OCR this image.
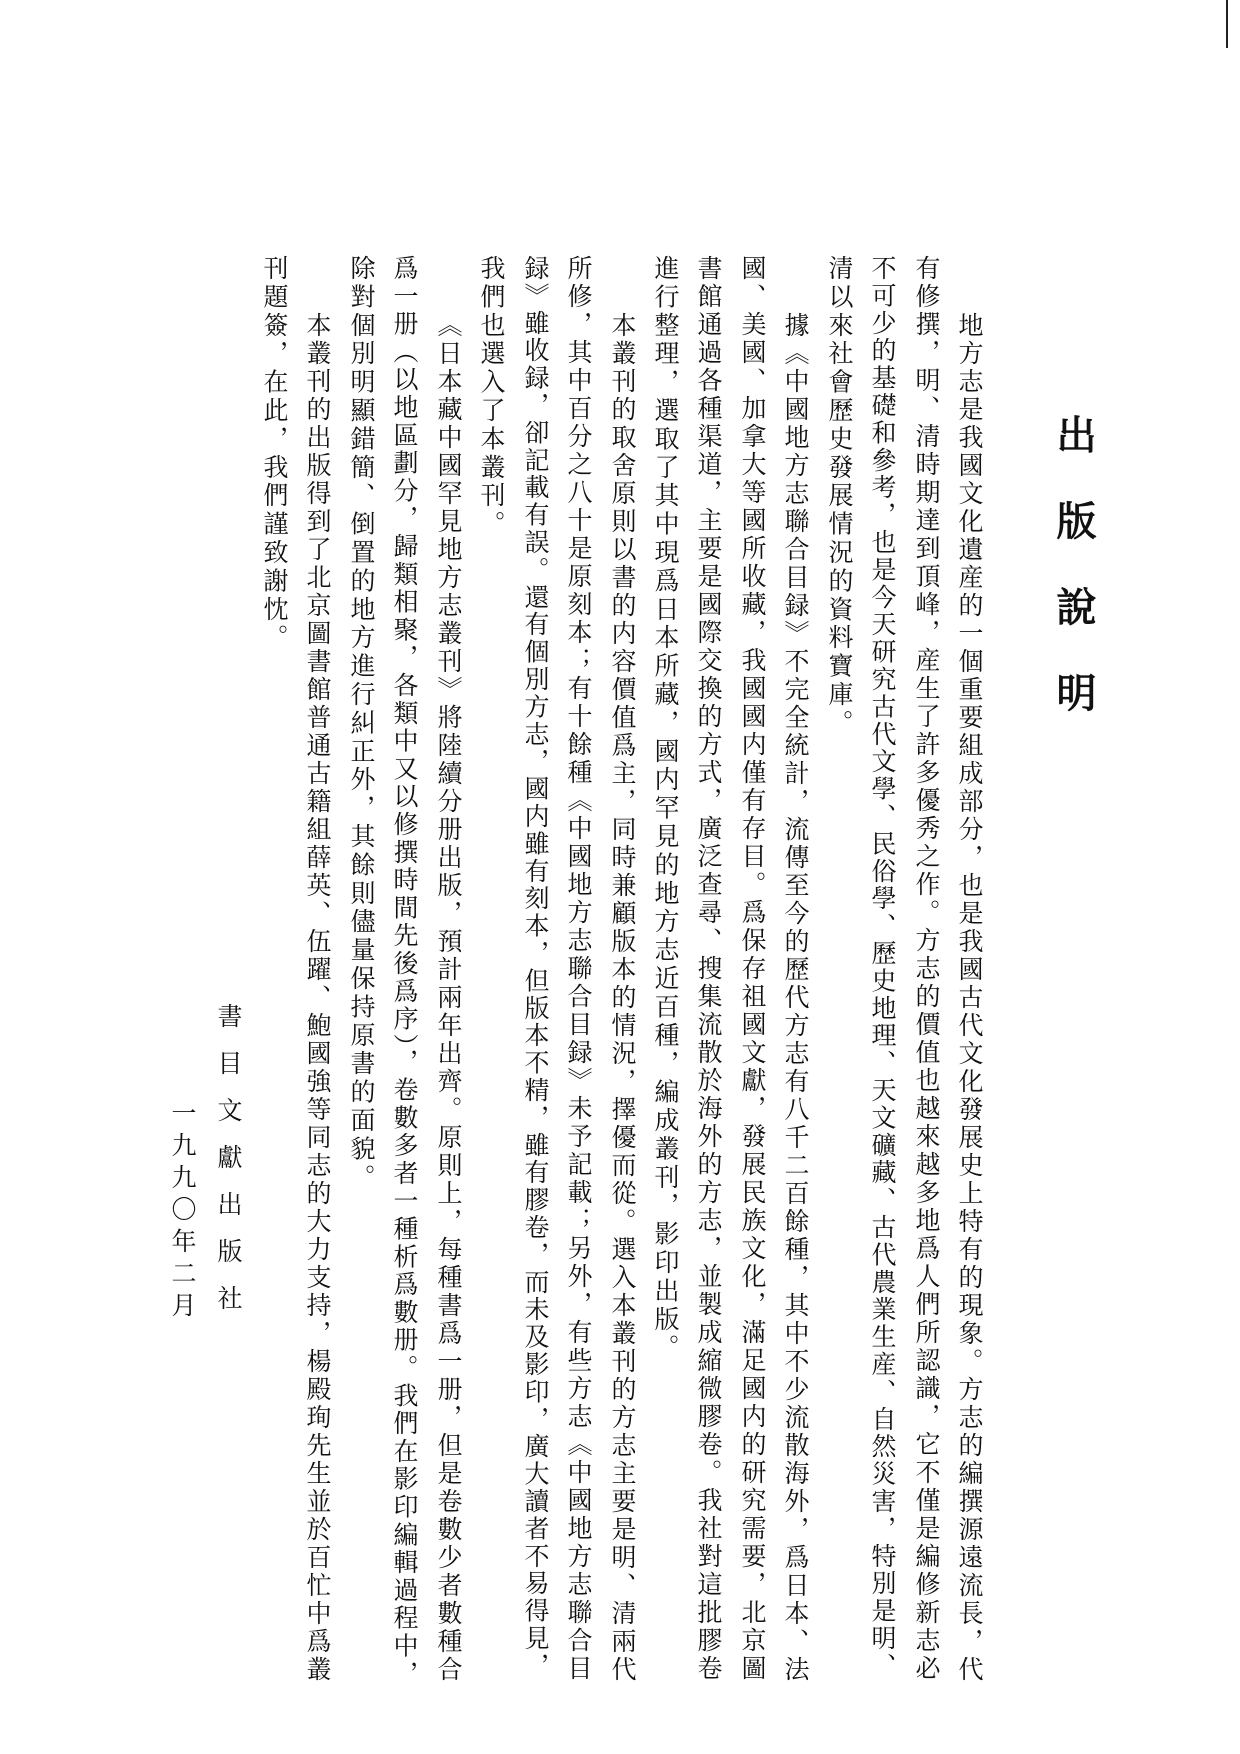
出版說明
地方志是我國文化遺産的一個重要組成部分，也是我國古代文化發展史上特有的現象。方志的編撰源遠流長，代
有修撰，明、清時期達到頂峰，産生了許多優秀之作。方志的價值也越來越多地爲人們所認識，它不僅是編修新志必
不可少的基礎和參考，也是今天研究古代文學、民俗學、歷史地理、天文礦藏、古代農業生産、自然災害，特別是明、
清以來社會歷史發展情況的資料寶庫。
據《中國地方志聯合目録》不完全統計，流傳至今的歷代方志有八千二百餘種，其中不少流散海外，爲日本、法
國、美國、加拿大等國所收藏，我國國内僅有存目。爲保存祖國文獻，發展民族文化，滿足國内的研究需要，北京圖
書館通過各種渠道，主要是國際交換的方式，廣泛查尋、搜集流散於海外的方志，並製成縮微膠卷。我社對這批膠卷
進行整理，選取了其中現爲日本所藏，國内罕見的地方志近百種，編成叢刊，影印出版。
本叢刊的取舍原則以書的内容價值爲主，同時兼顧版本的情況，擇優而從。選入本叢刊的方志主要是明、清兩代
所修，其中百分之八十是原刻本；有十餘種《中國地方志聯合目録》未予記載；另外，有些方志《中國地方志聯合目
録》雖收録，卻記載有誤。還有個別方志，國内雖有刻本，但版本不精，雖有膠卷，而未及影印，廣大讀者不易得見，
我們也選入了本叢刊。
《日本藏中國罕見地方志叢刊》將陸續分册出版，預計兩年出齊。原則上，每種書爲一册，但是卷數少者數種合
爲一册（以地區劃分，歸類相聚，各類中又以修撰時間先後爲序），卷數多者一種析爲數册。我們在影印編輯過程中，
除對個別明顯錯簡、倒置的地方進行糾正外，其餘則儘量保持原書的面貌。
本叢刊的出版得到了北京圖書館普通古籍組薛英、伍躍、鮑國強等同志的大力支持，楊殿珣先生並於百忙中爲叢
刊題簽，在此，我們謹致謝忱。
書目文獻出版社
一九九〇年二月
